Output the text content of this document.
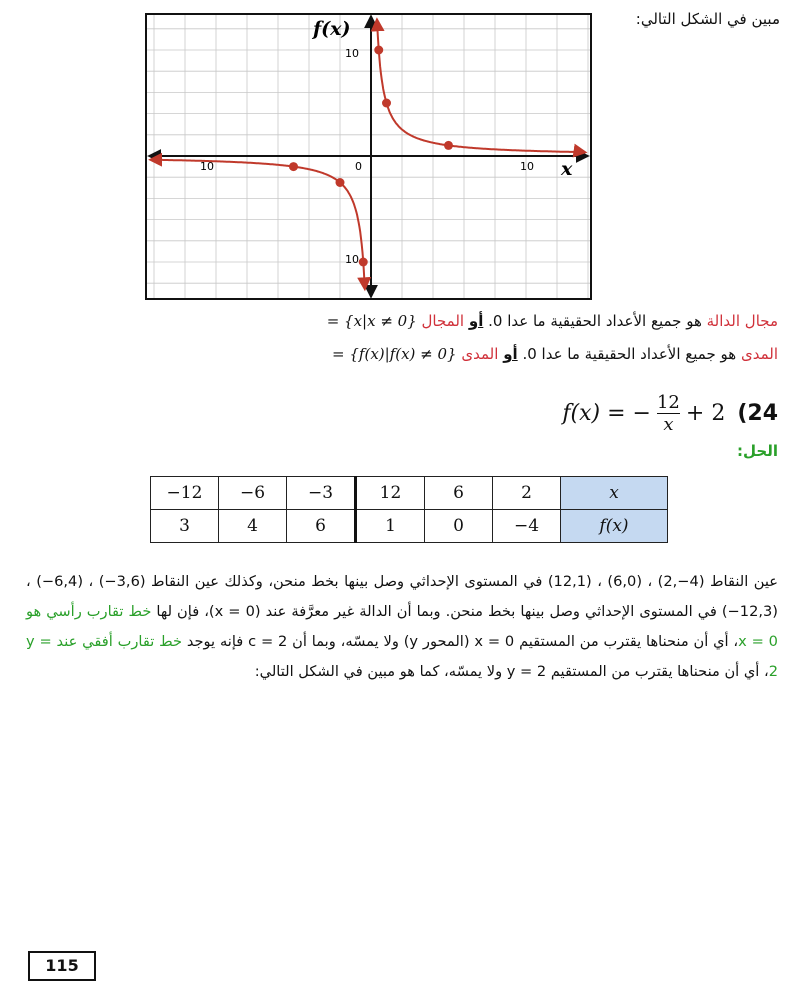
مبين في الشكل التالي:
10	0	10
10
10
f(x)
x
مجال الدالة هو جميع الأعداد الحقيقية ما عدا 0. أو المجال = {x|x ≠ 0}
المدى هو جميع الأعداد الحقيقية ما عدا 0. أو المدى = {f(x)|f(x) ≠ 0}
f(x) = − $\frac{12}{x} + 2$ (24
الحل:
−12	−6	−3	12	6	2	x
3	4	6	1	0	−4	f(x)
عين النقاط (4−,2) ، (6,0) ، (12,1) في المستوى الإحداثي وصل بينها بخط منحن، وكذلك عين النقاط (3,6−) ، (6,4−) ، (12,3−) في المستوى الإحداثي وصل بينها بخط منحن. وبما أن الدالة غير معرَّفة عند (x = 0)، فإن لها خط تقارب رأسي هو x = 0، أي أن منحناها يقترب من المستقيم x = 0 (المحور y) ولا يمسّه، وبما أن c = 2 فإنه يوجد خط تقارب أفقي عند y = 2، أي أن منحناها يقترب من المستقيم y = 2 ولا يمسّه، كما هو مبين في الشكل التالي:
115
